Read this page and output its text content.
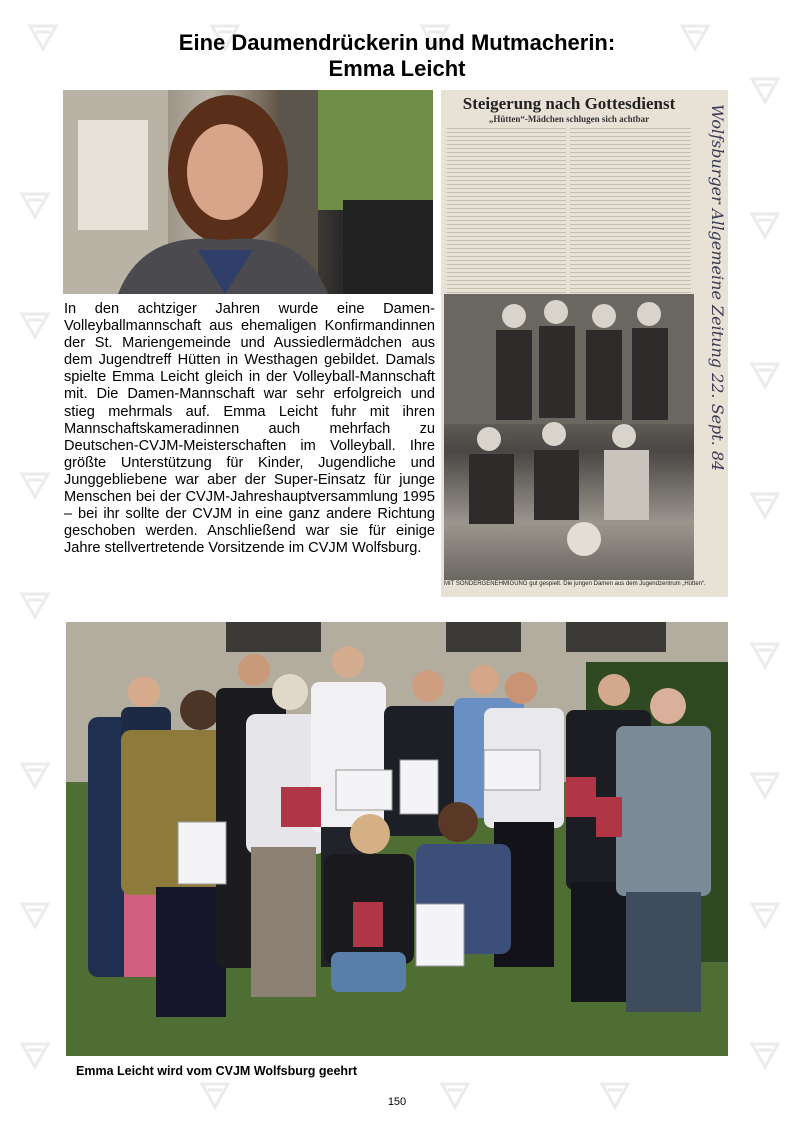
Eine Daumendrückerin und Mutmacherin:
Emma Leicht
Steigerung nach Gottesdienst
„Hütten“-Mädchen schlugen sich achtbar	Wolfsburger Allgemeine Zeitung 22. Sept. 84
MIT SONDERGENEHMIGUNG gut gespielt. Die jungen Damen aus dem Jugendzentrum „Hütten“.
In den achtziger Jahren wurde eine Damen-Volleyballmannschaft aus ehemaligen Konfirmandinnen der St. Mariengemeinde und Aussiedlermädchen aus dem Jugendtreff Hütten in Westhagen gebildet. Damals spielte Emma Leicht gleich in der Volleyball-Mannschaft mit. Die Damen-Mannschaft war sehr erfolgreich und stieg mehrmals auf. Emma Leicht fuhr mit ihren Mannschaftskameradinnen auch mehrfach zu Deutschen-CVJM-Meisterschaften im Volleyball. Ihre größte Unterstützung für Kinder, Jugendliche und Junggebliebene war aber der Super-Einsatz für junge Menschen bei der CVJM-Jahreshauptversammlung 1995 – bei ihr sollte der CVJM in eine ganz andere Richtung geschoben werden. Anschließend war sie für einige Jahre stellvertretende Vorsitzende im CVJM Wolfsburg.
Emma Leicht wird vom CVJM Wolfsburg geehrt
150
